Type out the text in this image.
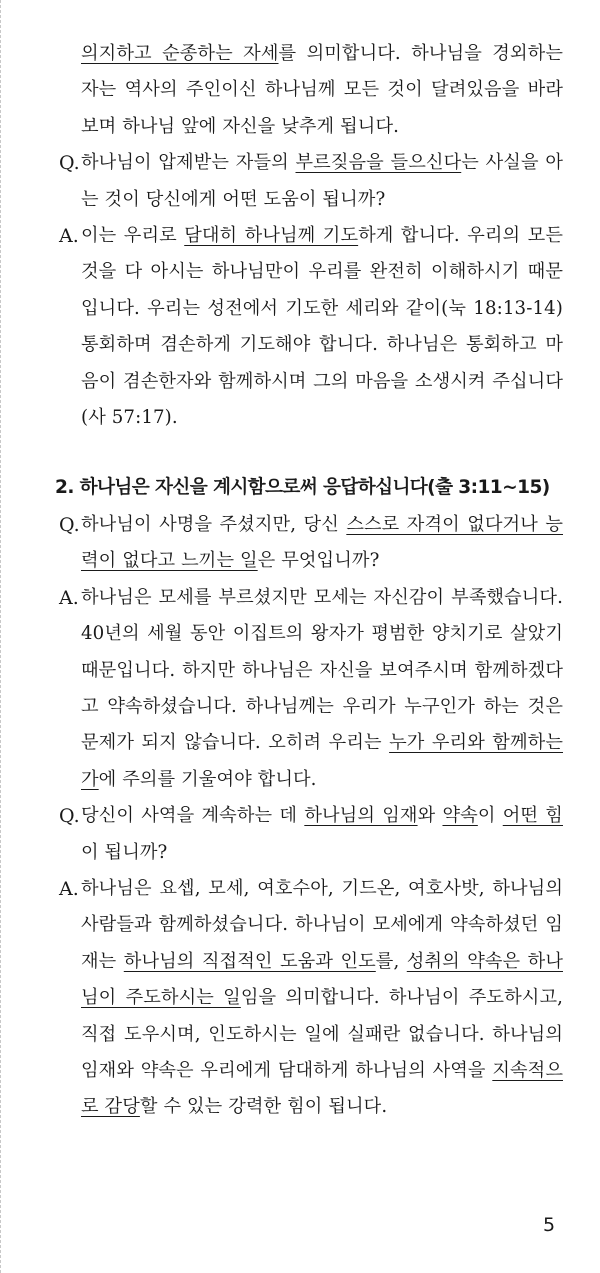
의지하고 순종하는 자세를 의미합니다. 하나님을 경외하는 자는 역사의 주인이신 하나님께 모든 것이 달려있음을 바라보며 하나님 앞에 자신을 낮추게 됩니다.

Q. 하나님이 압제받는 자들의 부르짖음을 들으신다는 사실을 아는 것이 당신에게 어떤 도움이 됩니까?
A. 이는 우리로 담대히 하나님께 기도하게 합니다. 우리의 모든 것을 다 아시는 하나님만이 우리를 완전히 이해하시기 때문입니다. 우리는 성전에서 기도한 세리와 같이(눅 18:13-14) 통회하며 겸손하게 기도해야 합니다. 하나님은 통회하고 마음이 겸손한자와 함께하시며 그의 마음을 소생시켜 주십니다(사 57:17).
2. 하나님은 자신을 계시함으로써 응답하십니다(출 3:11~15)
Q. 하나님이 사명을 주셨지만, 당신 스스로 자격이 없다거나 능력이 없다고 느끼는 일은 무엇입니까?
A. 하나님은 모세를 부르셨지만 모세는 자신감이 부족했습니다. 40년의 세월 동안 이집트의 왕자가 평범한 양치기로 살았기 때문입니다. 하지만 하나님은 자신을 보여주시며 함께하겠다고 약속하셨습니다. 하나님께는 우리가 누구인가 하는 것은 문제가 되지 않습니다. 오히려 우리는 누가 우리와 함께하는가에 주의를 기울여야 합니다.
Q. 당신이 사역을 계속하는 데 하나님의 임재와 약속이 어떤 힘이 됩니까?
A. 하나님은 요셉, 모세, 여호수아, 기드온, 여호사밧, 하나님의 사람들과 함께하셨습니다. 하나님이 모세에게 약속하셨던 임재는 하나님의 직접적인 도움과 인도를, 성취의 약속은 하나님이 주도하시는 일임을 의미합니다. 하나님이 주도하시고, 직접 도우시며, 인도하시는 일에 실패란 없습니다. 하나님의 임재와 약속은 우리에게 담대하게 하나님의 사역을 지속적으로 감당할 수 있는 강력한 힘이 됩니다.
5
